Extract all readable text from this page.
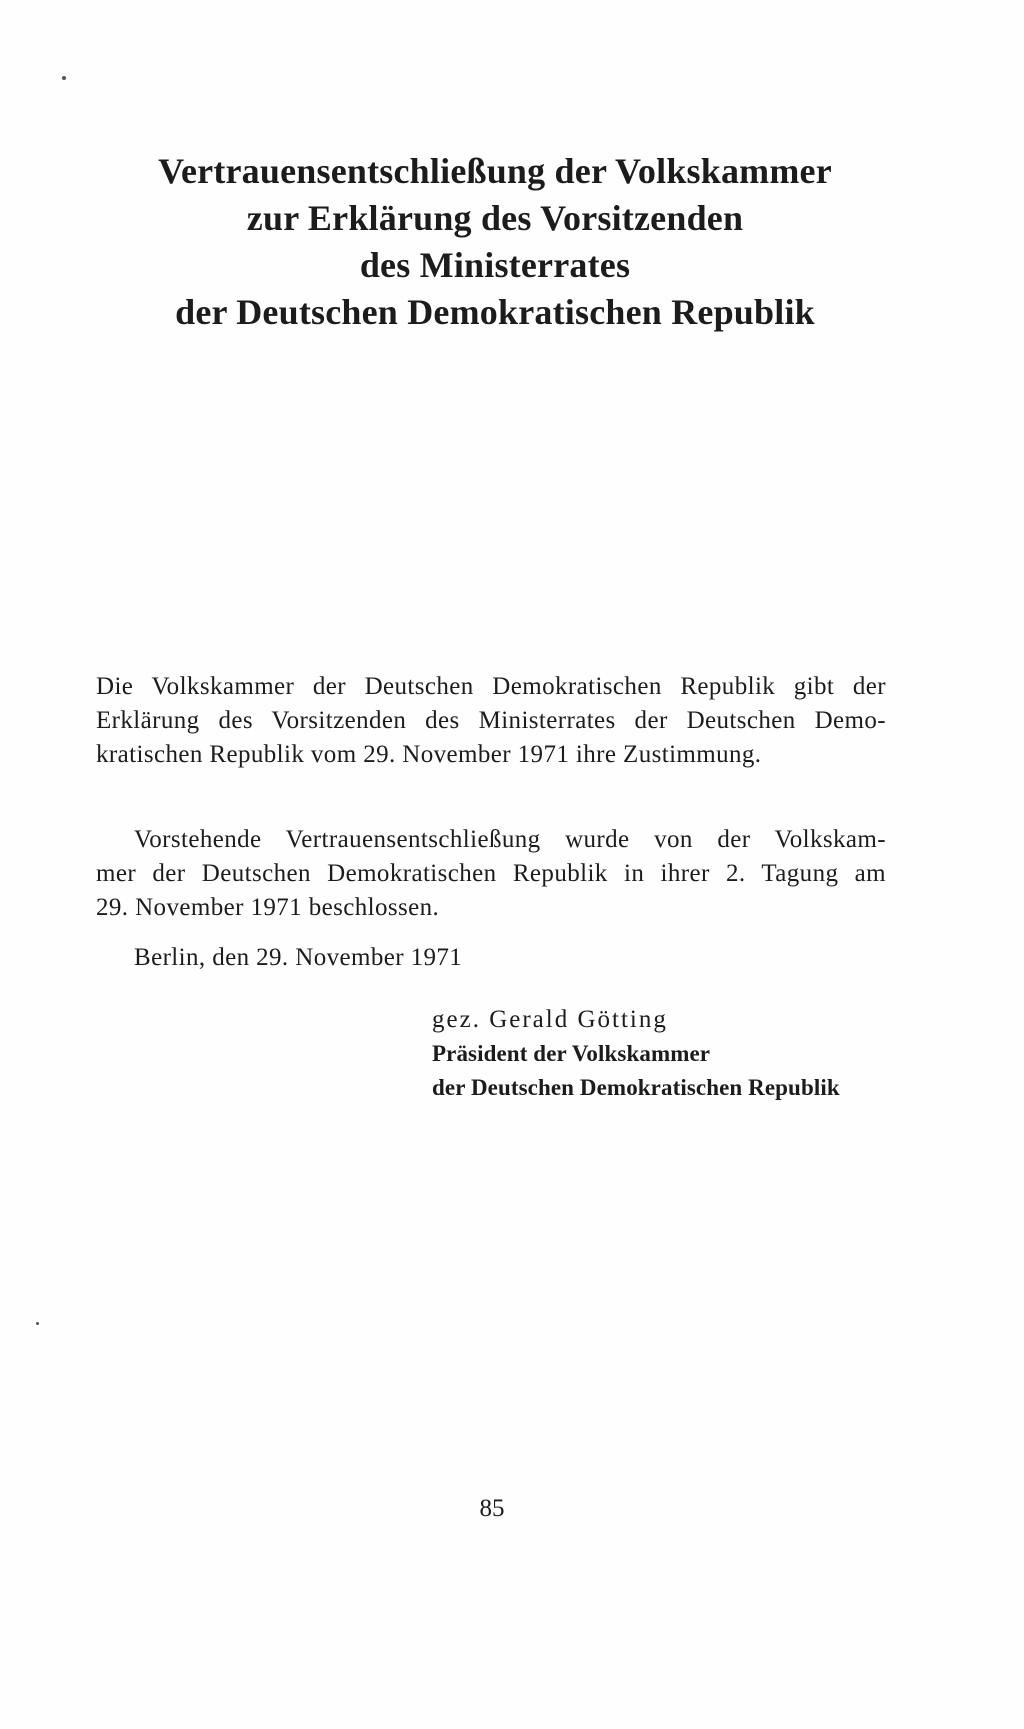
Vertrauensentschließung der Volkskammer
zur Erklärung des Vorsitzenden
des Ministerrates
der Deutschen Demokratischen Republik
Die Volkskammer der Deutschen Demokratischen Republik gibt der
Erklärung des Vorsitzenden des Ministerrates der Deutschen Demo-
kratischen Republik vom 29. November 1971 ihre Zustimmung.
Vorstehende Vertrauensentschließung wurde von der Volkskam-
mer der Deutschen Demokratischen Republik in ihrer 2. Tagung am
29. November 1971 beschlossen.
Berlin, den 29. November 1971
gez. Gerald Götting
Präsident der Volkskammer
der Deutschen Demokratischen Republik
85
